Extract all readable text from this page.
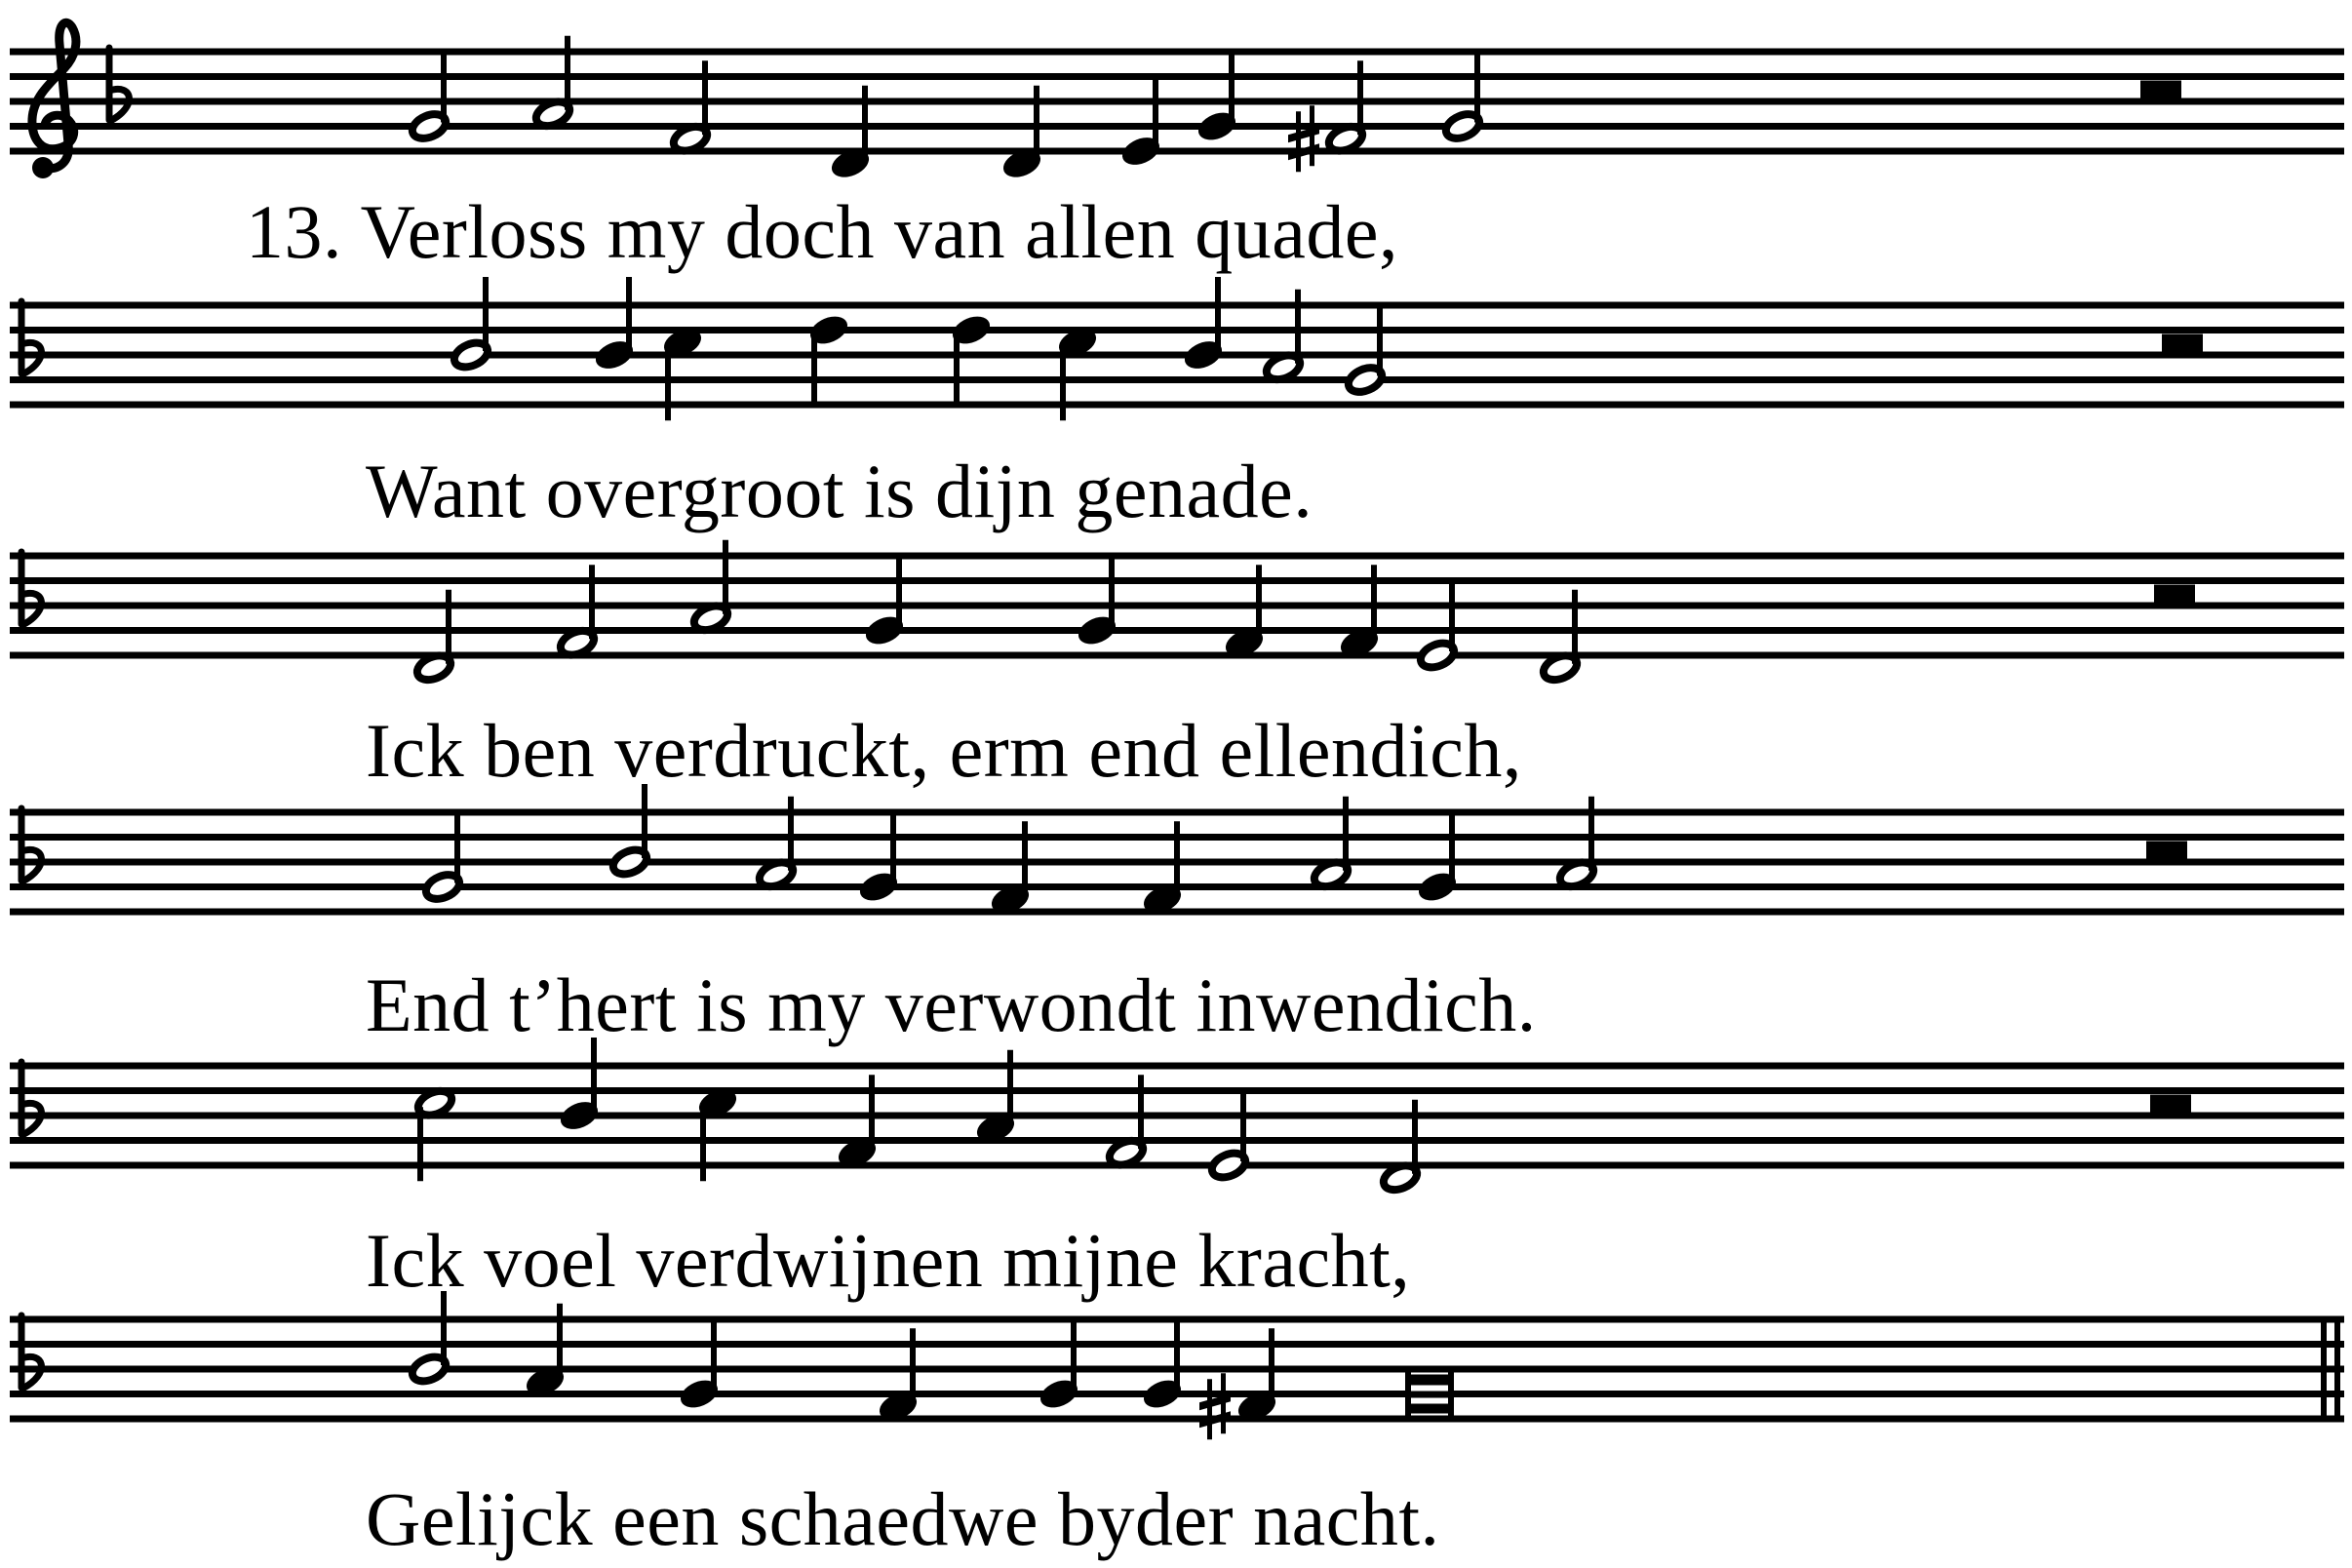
13. Verloss my doch van allen quade,
Want overgroot is dijn genade.
Ick ben verdruckt, erm end ellendich,
End t’hert is my verwondt inwendich.
Ick voel verdwijnen mijne kracht,
Gelijck een schaedwe byder nacht.
